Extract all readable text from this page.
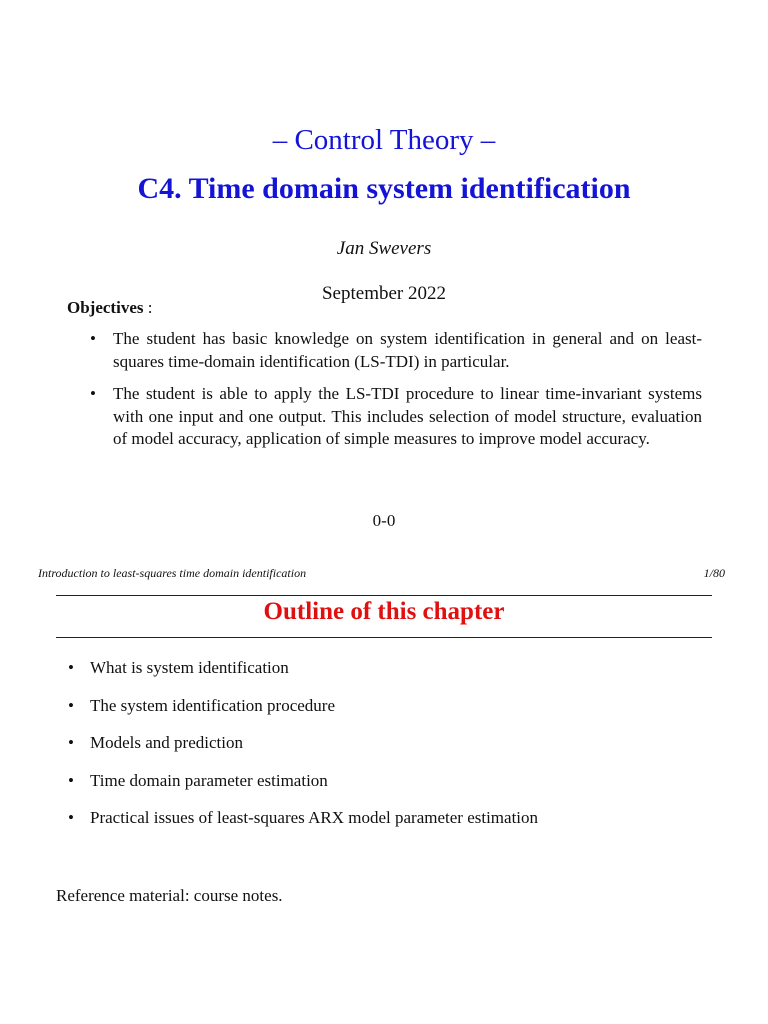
– Control Theory –
C4. Time domain system identification
Jan Swevers
September 2022
Objectives :
• The student has basic knowledge on system identification in general and on least-squares time-domain identification (LS-TDI) in particular.
• The student is able to apply the LS-TDI procedure to linear time-invariant systems with one input and one output. This includes selection of model structure, evaluation of model accuracy, application of simple measures to improve model accuracy.
0-0
Introduction to least-squares time domain identification	1/80
Outline of this chapter
• What is system identification
• The system identification procedure
• Models and prediction
• Time domain parameter estimation
• Practical issues of least-squares ARX model parameter estimation
Reference material: course notes.
